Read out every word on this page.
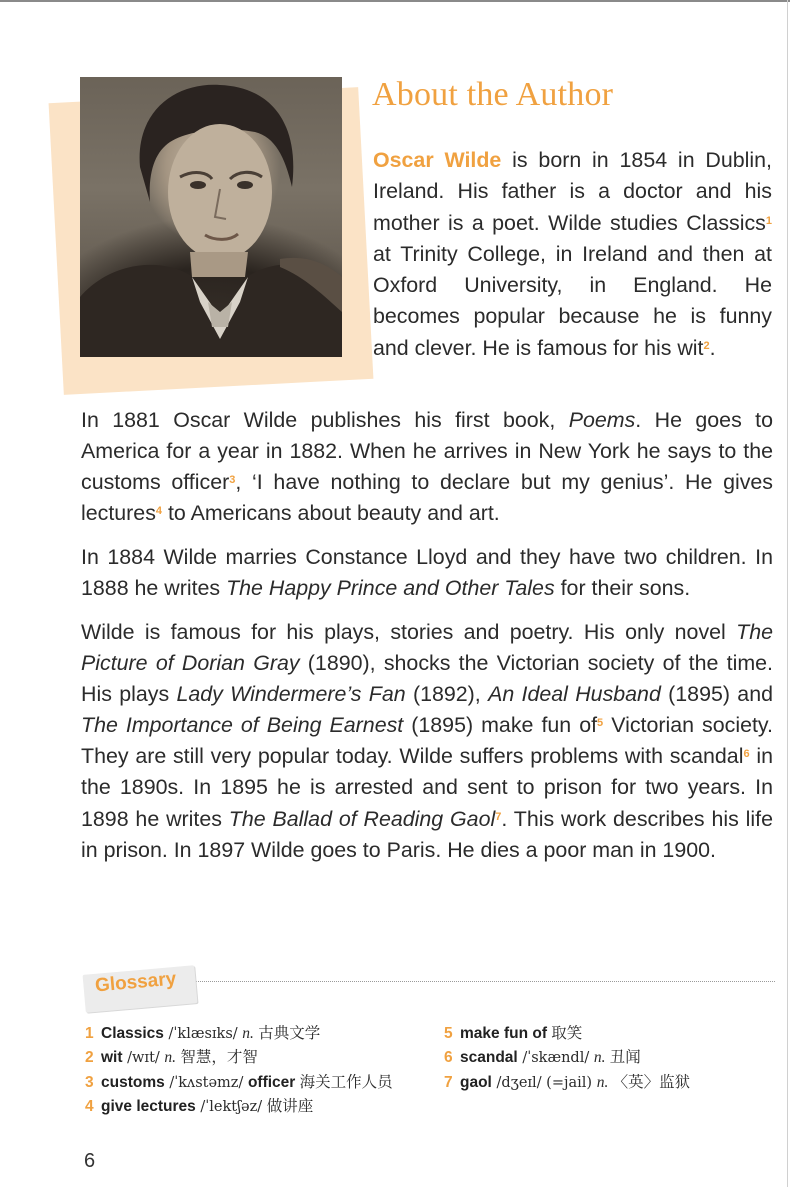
About the Author

Oscar Wilde is born in 1854 in Dublin, Ireland. His father is a doctor and his mother is a poet. Wilde studies Classics$^1$ at Trinity College, in Ireland and then at Oxford University, in England. He becomes popular because he is funny and clever. He is famous for his wit$^2$.

In 1881 Oscar Wilde publishes his first book, Poems. He goes to America for a year in 1882. When he arrives in New York he says to the customs officer$^3$, ‘I have nothing to declare but my genius’. He gives lectures$^4$ to Americans about beauty and art.

In 1884 Wilde marries Constance Lloyd and they have two children. In 1888 he writes The Happy Prince and Other Tales for their sons.

Wilde is famous for his plays, stories and poetry. His only novel The Picture of Dorian Gray (1890), shocks the Victorian society of the time. His plays Lady Windermere’s Fan (1892), An Ideal Husband (1895) and The Importance of Being Earnest (1895) make fun of$^5$ Victorian society. They are still very popular today. Wilde suffers problems with scandal$^6$ in the 1890s. In 1895 he is arrested and sent to prison for two years. In 1898 he writes The Ballad of Reading Gaol$^7$. This work describes his life in prison. In 1897 Wilde goes to Paris. He dies a poor man in 1900.

Glossary

1 Classics /ˈklæsɪks/ n. 古典文学
2 wit /wɪt/ n. 智慧，才智
3 customs /ˈkʌstəmz/ officer 海关工作人员
4 give lectures /ˈlektʃəz/ 做讲座
5 make fun of 取笑
6 scandal /ˈskændl/ n. 丑闻
7 gaol /dʒeɪl/ (=jail) n. 〈英〉监狱

6
